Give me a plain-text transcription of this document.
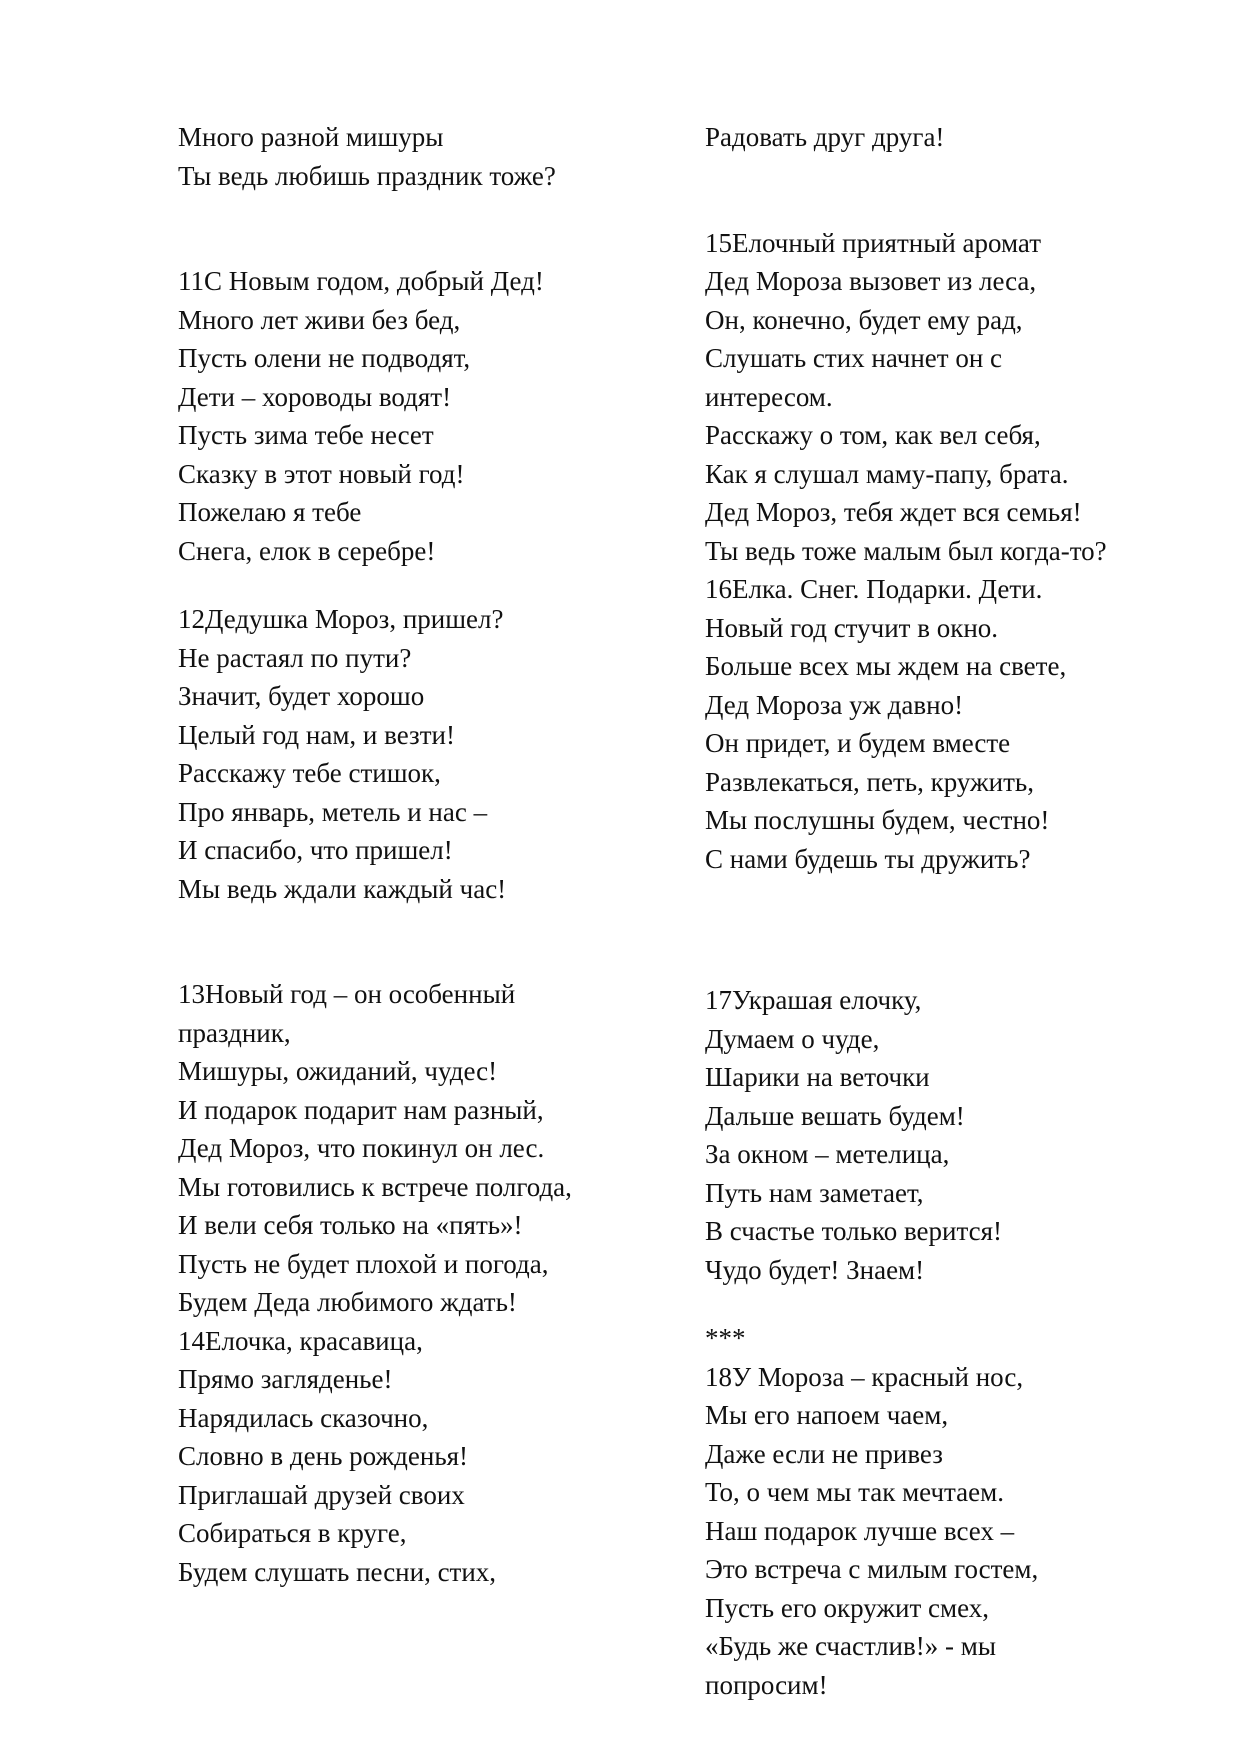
Много разной мишуры

Ты ведь любишь праздник тоже?

11С Новым годом, добрый Дед!

Много лет живи без бед,

Пусть олени не подводят,

Дети – хороводы водят!

Пусть зима тебе несет

Сказку в этот новый год!

Пожелаю я тебе

Снега, елок в серебре!

12Дедушка Мороз, пришел?

Не растаял по пути?

Значит, будет хорошо

Целый год нам, и везти!

Расскажу тебе стишок,

Про январь, метель и нас –

И спасибо, что пришел!

Мы ведь ждали каждый час!

13Новый год – он особенный

праздник,

Мишуры, ожиданий, чудес!

И подарок подарит нам разный,

Дед Мороз, что покинул он лес.

Мы готовились к встрече полгода,

И вели себя только на «пять»!

Пусть не будет плохой и погода,

Будем Деда любимого ждать!

14Елочка, красавица,

Прямо загляденье!

Нарядилась сказочно,

Словно в день рожденья!

Приглашай друзей своих

Собираться в круге,

Будем слушать песни, стих,

Радовать друг друга!

15Елочный приятный аромат

Дед Мороза вызовет из леса,

Он, конечно, будет ему рад,

Слушать стих начнет он с

интересом.

Расскажу о том, как вел себя,

Как я слушал маму-папу, брата.

Дед Мороз, тебя ждет вся семья!

Ты ведь тоже малым был когда-то?

16Елка. Снег. Подарки. Дети.

Новый год стучит в окно.

Больше всех мы ждем на свете,

Дед Мороза уж давно!

Он придет, и будем вместе

Развлекаться, петь, кружить,

Мы послушны будем, честно!

С нами будешь ты дружить?

17Украшая елочку,

Думаем о чуде,

Шарики на веточки

Дальше вешать будем!

За окном – метелица,

Путь нам заметает,

В счастье только верится!

Чудо будет! Знаем!

***

18У Мороза – красный нос,

Мы его напоем чаем,

Даже если не привез

То, о чем мы так мечтаем.

Наш подарок лучше всех –

Это встреча с милым гостем,

Пусть его окружит смех,

«Будь же счастлив!» - мы

попросим!
